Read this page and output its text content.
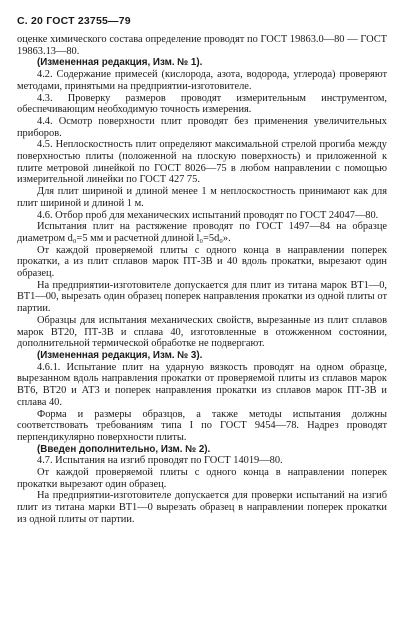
С. 20 ГОСТ 23755—79

оценке химического состава определение проводят по ГОСТ 19863.0—80 — ГОСТ 19863.13—80.

(Измененная редакция, Изм. № 1).

4.2. Содержание примесей (кислорода, азота, водорода, углерода) проверяют методами, принятыми на предприятии-изготовителе.

4.3. Проверку размеров проводят измерительным инструментом, обеспечивающим необходимую точность измерения.

4.4. Осмотр поверхности плит проводят без применения увеличительных приборов.

4.5. Неплоскостность плит определяют максимальной стрелой прогиба между поверхностью плиты (положенной на плоскую поверхность) и приложенной к плите метровой линейкой по ГОСТ 8026—75 в любом направлении с помощью измерительной линейки по ГОСТ 427 75.

Для плит шириной и длиной менее 1 м неплоскостность принимают как для плит шириной и длиной 1 м.

4.6. Отбор проб для механических испытаний проводят по ГОСТ 24047—80.

Испытания плит на растяжение проводят по ГОСТ 1497—84 на образце диаметром d₀=5 мм и расчетной длиной l₀=5d₀».

От каждой проверяемой плиты с одного конца в направлении поперек прокатки, а из плит сплавов марок ПТ-3В и 40 вдоль прокатки, вырезают один образец.

На предприятии-изготовителе допускается для плит из титана марок ВТ1—0, ВТ1—00, вырезать один образец поперек направления прокатки из одной плиты от партии.

Образцы для испытания механических свойств, вырезанные из плит сплавов марок ВТ20, ПТ-3В и сплава 40, изготовленные в отожженном состоянии, дополнительной термической обработке не подвергают.

(Измененная редакция, Изм. № 3).

4.6.1. Испытание плит на ударную вязкость проводят на одном образце, вырезанном вдоль направления прокатки от проверяемой плиты из сплавов марок ВТ6, ВТ20 и АТ3 и поперек направления прокатки из сплавов марок ПТ-3В и сплава 40.

Форма и размеры образцов, а также методы испытания должны соответствовать требованиям типа I по ГОСТ 9454—78. Надрез проводят перпендикулярно поверхности плиты.

(Введен дополнительно, Изм. № 2).

4.7. Испытания на изгиб проводят по ГОСТ 14019—80.

От каждой проверяемой плиты с одного конца в направлении поперек прокатки вырезают один образец.

На предприятии-изготовителе допускается для проверки испытаний на изгиб плит из титана марки ВТ1—0 вырезать образец в направлении поперек прокатки из одной плиты от партии.
